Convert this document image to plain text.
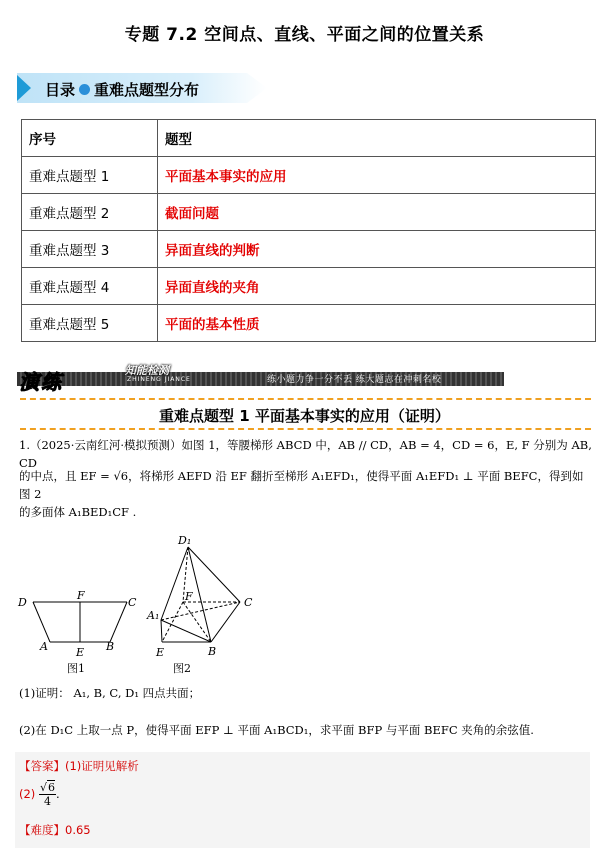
专题 7.2 空间点、直线、平面之间的位置关系
目录 重难点题型分布
序号	题型
重难点题型 1	平面基本事实的应用
重难点题型 2	截面问题
重难点题型 3	异面直线的判断
重难点题型 4	异面直线的夹角
重难点题型 5	平面的基本性质
演练	知能检测
ZHINENG JIANCE	练小题力争一分不丢 练大题志在冲刺名校
重难点题型 1 平面基本事实的应用（证明）
1.（2025·云南红河·模拟预测）如图 1，等腰梯形 ABCD 中，AB // CD，AB = 4，CD = 6，E, F 分别为 AB, CD
的中点，且 EF = √6，将梯形 AEFD 沿 EF 翻折至梯形 A₁EFD₁，使得平面 A₁EFD₁ ⊥ 平面 BEFC，得到如图 2
的多面体 A₁BED₁CF .
D
F
C
A	E B
图1
D₁
A₁
F	C
E	B
图2
(1)证明： A₁, B, C, D₁ 四点共面；
(2)在 D₁C 上取一点 P，使得平面 EFP ⊥ 平面 A₁BCD₁，求平面 BFP 与平面 BEFC 夹角的余弦值.
【答案】(1)证明见解析
$(2) \frac{√6}{4}$ .
【难度】0.65
